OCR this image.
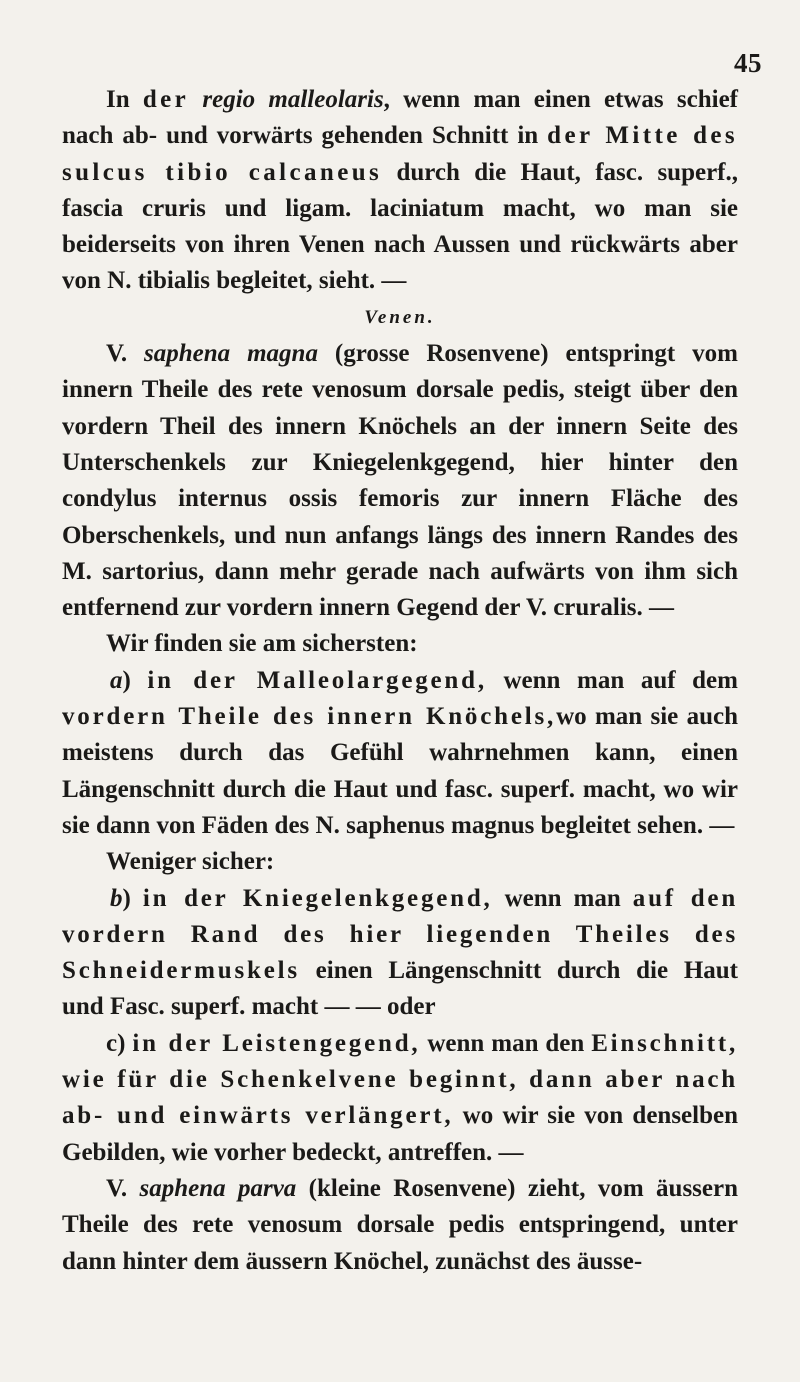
45

In der regio malleolaris, wenn man einen etwas schief nach ab- und vorwärts gehenden Schnitt in der Mitte des sulcus tibio calcaneus durch die Haut, fasc. superf., fascia cruris und ligam. laciniatum macht, wo man sie beiderseits von ihren Venen nach Aussen und rückwärts aber von N. tibialis begleitet, sieht. —

Venen.

V. saphena magna (grosse Rosenvene) entspringt vom innern Theile des rete venosum dorsale pedis, steigt über den vordern Theil des innern Knöchels an der innern Seite des Unterschenkels zur Kniegelenkgegend, hier hinter den condylus internus ossis femoris zur innern Fläche des Oberschenkels, und nun anfangs längs des innern Randes des M. sartorius, dann mehr gerade nach aufwärts von ihm sich entfernend zur vordern innern Gegend der V. cruralis. —

Wir finden sie am sichersten:

a) in der Malleolargegend, wenn man auf dem vordern Theile des innern Knöchels,wo man sie auch meistens durch das Gefühl wahrnehmen kann, einen Längenschnitt durch die Haut und fasc. superf. macht, wo wir sie dann von Fäden des N. saphenus magnus begleitet sehen. —

Weniger sicher:

b) in der Kniegelenkgegend, wenn man auf den vordern Rand des hier liegenden Theiles des Schneidermuskels einen Längenschnitt durch die Haut und Fasc. superf. macht — — oder

c) in der Leistengegend, wenn man den Einschnitt, wie für die Schenkelvene beginnt, dann aber nach ab- und einwärts verlängert, wo wir sie von denselben Gebilden, wie vorher bedeckt, antreffen. —

V. saphena parva (kleine Rosenvene) zieht, vom äussern Theile des rete venosum dorsale pedis entspringend, unter dann hinter dem äussern Knöchel, zunächst des äusse-
